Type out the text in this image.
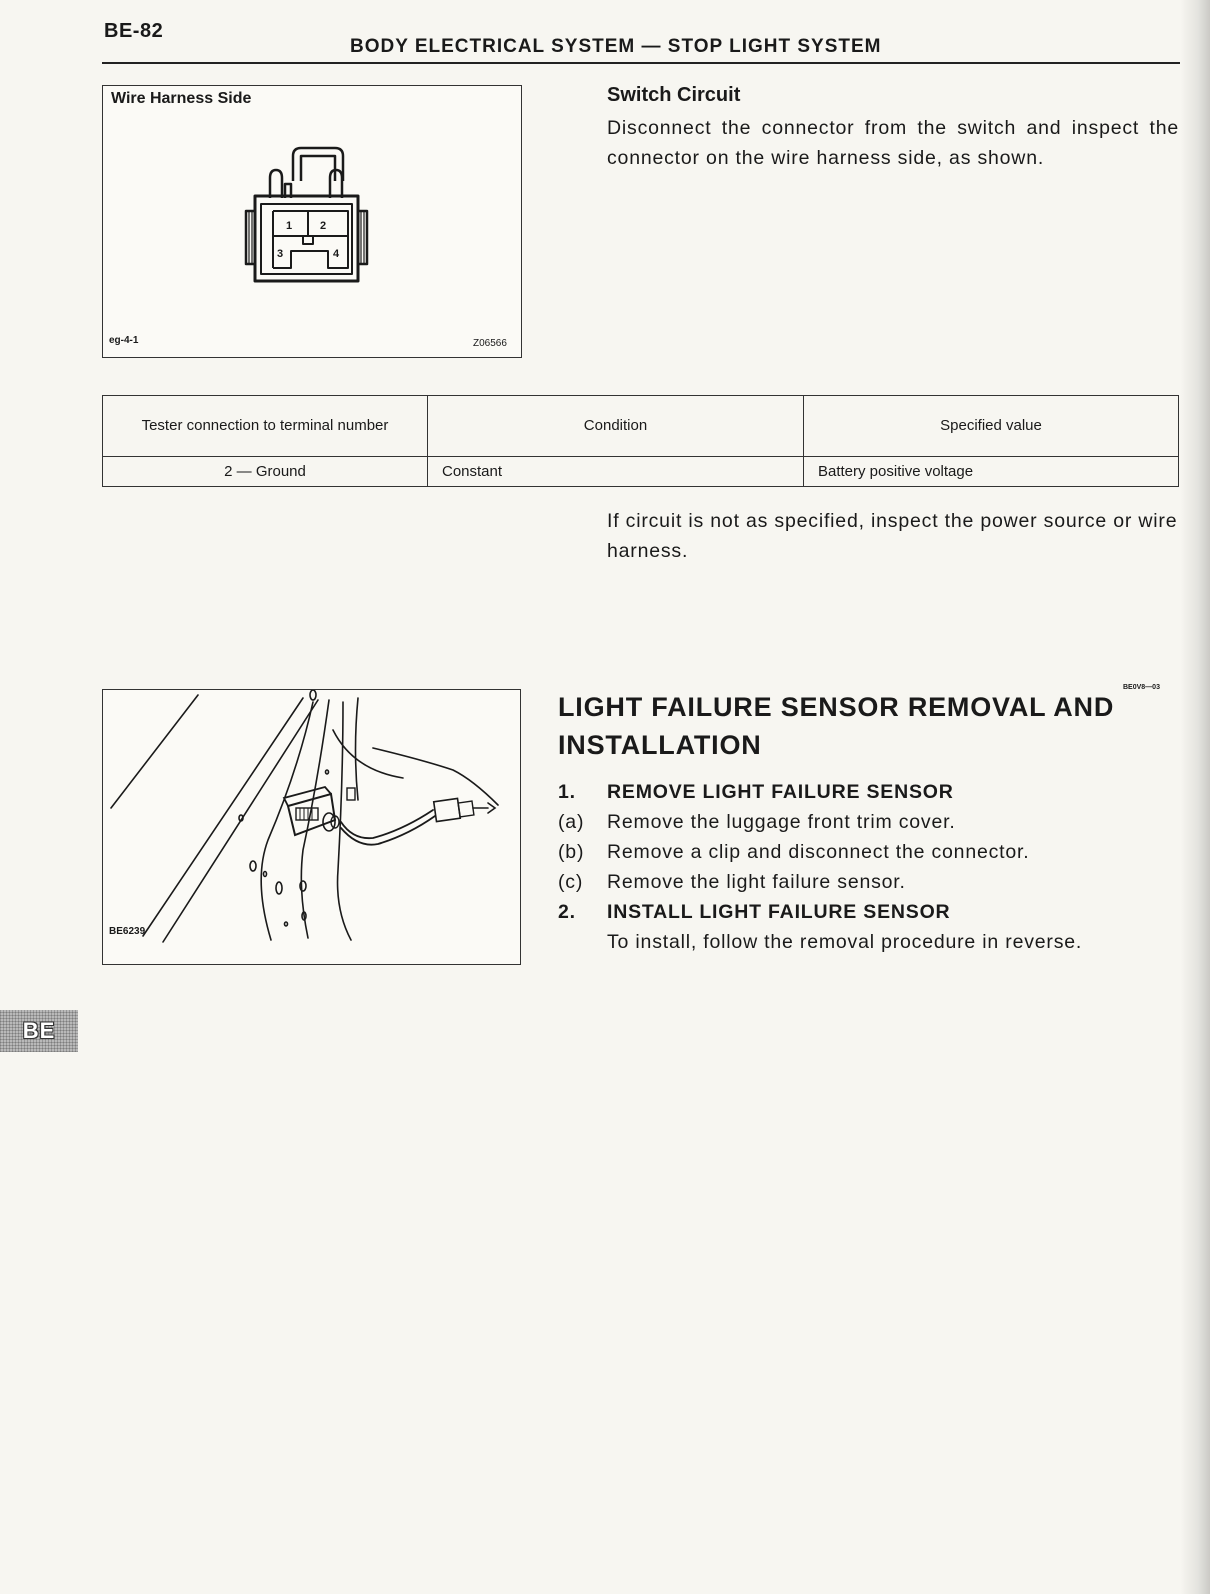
BE-82
BODY ELECTRICAL SYSTEM — STOP LIGHT SYSTEM
Wire Harness Side
1	2
3	4
eg-4-1	Z06566
Switch Circuit
Disconnect the connector from the switch and inspect the connector on the wire harness side, as shown.
Tester connection to terminal number	Condition	Specified value
2 — Ground	Constant	Battery positive voltage
If circuit is not as specified, inspect the power source or wire harness.
BE6239
BE0V8—03
LIGHT FAILURE SENSOR REMOVAL AND INSTALLATION
1. REMOVE LIGHT FAILURE SENSOR
(a) Remove the luggage front trim cover.
(b) Remove a clip and disconnect the connector.
(c) Remove the light failure sensor.
2. INSTALL LIGHT FAILURE SENSOR
To install, follow the removal procedure in reverse.
BE
